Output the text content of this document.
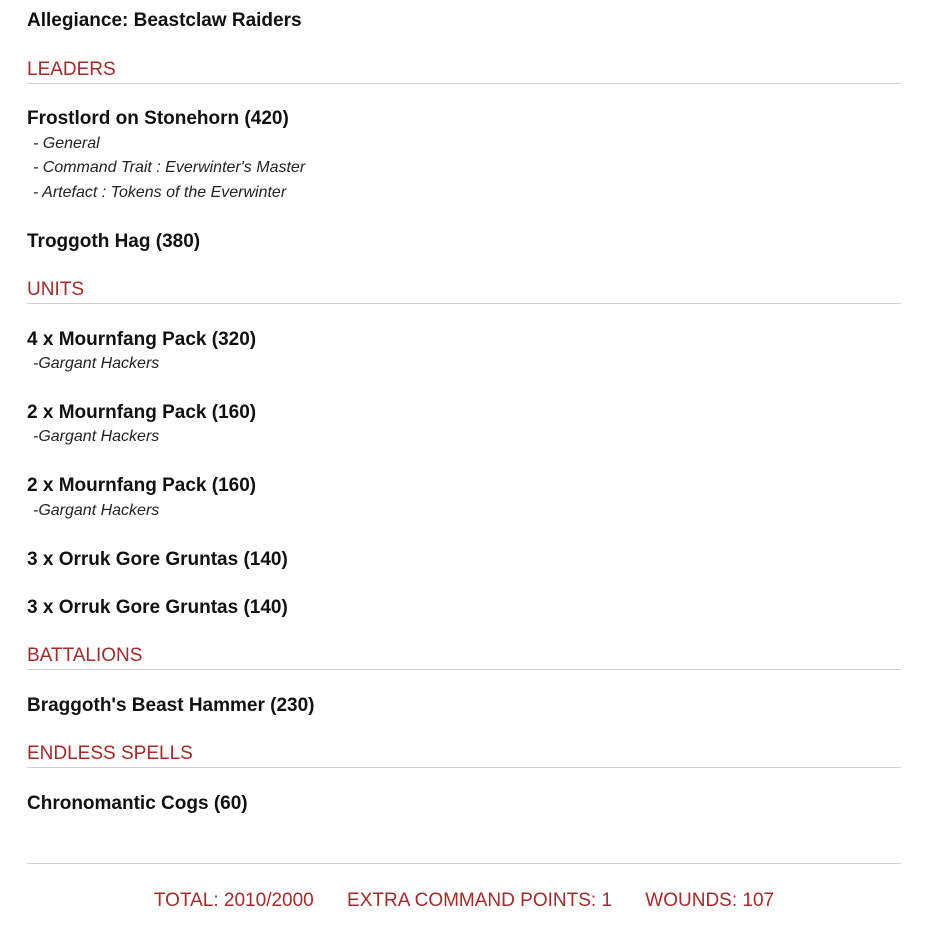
Allegiance: Beastclaw Raiders
LEADERS
Frostlord on Stonehorn (420)
- General
- Command Trait : Everwinter's Master
- Artefact : Tokens of the Everwinter
Troggoth Hag (380)
UNITS
4 x Mournfang Pack (320)
-Gargant Hackers
2 x Mournfang Pack (160)
-Gargant Hackers
2 x Mournfang Pack (160)
-Gargant Hackers
3 x Orruk Gore Gruntas (140)
3 x Orruk Gore Gruntas (140)
BATTALIONS
Braggoth's Beast Hammer (230)
ENDLESS SPELLS
Chronomantic Cogs (60)
TOTAL: 2010/2000 EXTRA COMMAND POINTS: 1 WOUNDS: 107
